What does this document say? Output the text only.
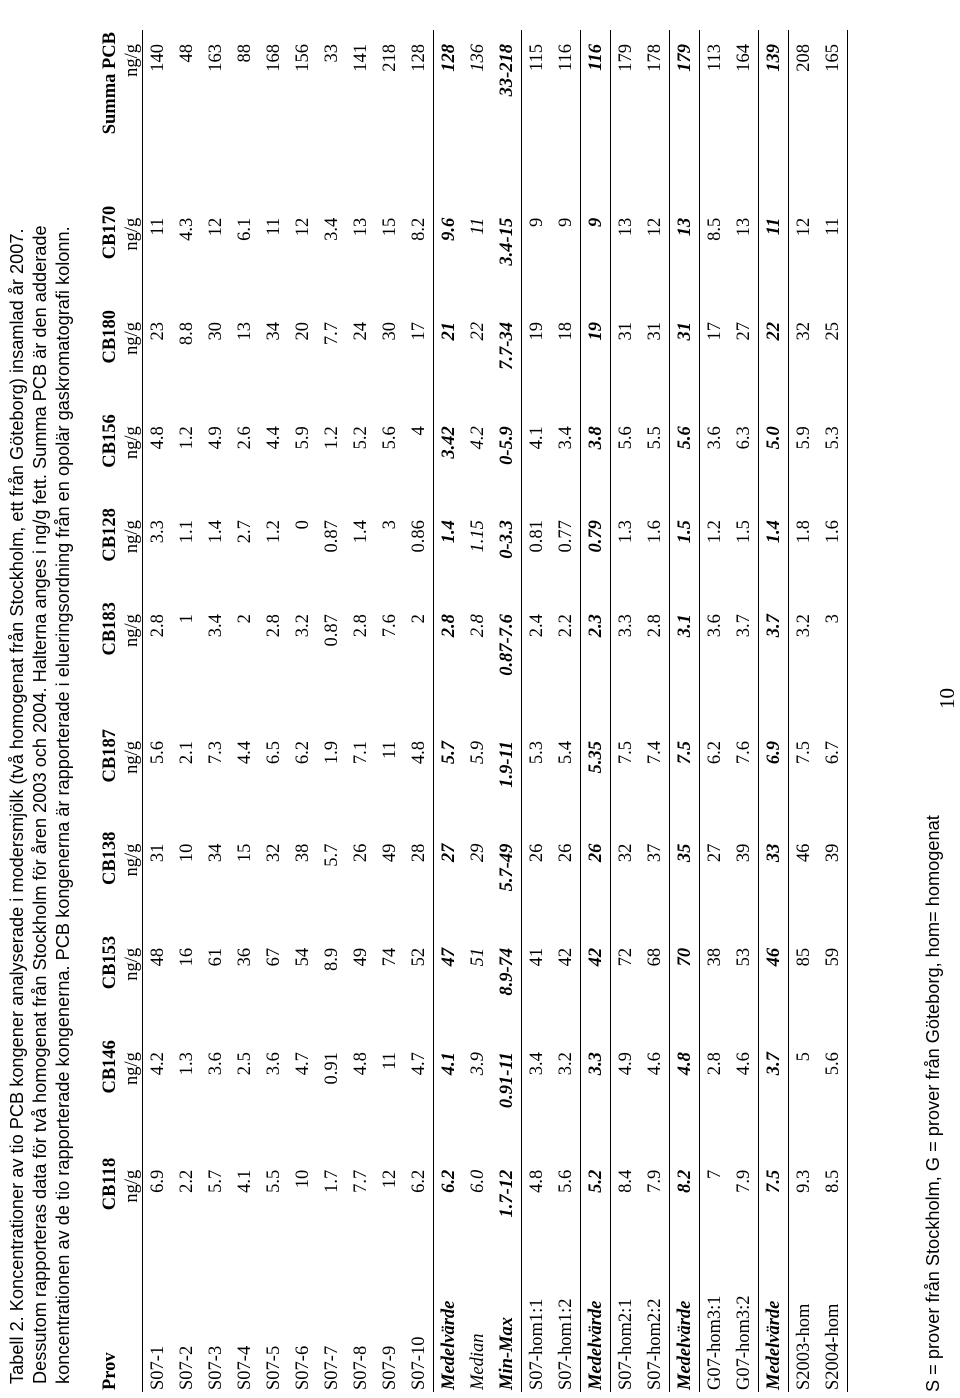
Tabell 2. Koncentrationer av tio PCB kongener analyserade i modersmjölk (två homogenat från Stockholm, ett från Göteborg) insamlad år 2007. Dessutom rapporteras data för två homogenat från Stockholm för åren 2003 och 2004. Halterna anges i ng/g fett. Summa PCB är den adderade koncentrationen av de tio rapporterade kongenerna. PCB kongenerna är rapporterade i elueringsordning från en opolär gaskromatografi kolonn. Prov	CB118	CB146	CB153	CB138	CB187	CB183	CB128	CB156	CB180	CB170	Summa PCB
	ng/g	ng/g	ng/g	ng/g	ng/g	ng/g	ng/g	ng/g	ng/g	ng/g	ng/g
S07-1	6.9	4.2	48	31	5.6	2.8	3.3	4.8	23	11	140
S07-2	2.2	1.3	16	10	2.1	1	1.1	1.2	8.8	4.3	48
S07-3	5.7	3.6	61	34	7.3	3.4	1.4	4.9	30	12	163
S07-4	4.1	2.5	36	15	4.4	2	2.7	2.6	13	6.1	88
S07-5	5.5	3.6	67	32	6.5	2.8	1.2	4.4	34	11	168
S07-6	10	4.7	54	38	6.2	3.2	0	5.9	20	12	156
S07-7	1.7	0.91	8.9	5.7	1.9	0.87	0.87	1.2	7.7	3.4	33
S07-8	7.7	4.8	49	26	7.1	2.8	1.4	5.2	24	13	141
S07-9	12	11	74	49	11	7.6	3	5.6	30	15	218
S07-10	6.2	4.7	52	28	4.8	2	0.86	4	17	8.2	128
Medelvärde	6.2	4.1	47	27	5.7	2.8	1.4	3.42	21	9.6	128
Median	6.0	3.9	51	29	5.9	2.8	1.15	4.2	22	11	136
Min-Max	1.7-12	0.91-11	8.9-74	5.7-49	1.9-11	0.87-7.6	0-3.3	0-5.9	7.7-34	3.4-15	33-218
S07-hom1:1	4.8	3.4	41	26	5.3	2.4	0.81	4.1	19	9	115
S07-hom1:2	5.6	3.2	42	26	5.4	2.2	0.77	3.4	18	9	116
Medelvärde	5.2	3.3	42	26	5.35	2.3	0.79	3.8	19	9	116
S07-hom2:1	8.4	4.9	72	32	7.5	3.3	1.3	5.6	31	13	179
S07-hom2:2	7.9	4.6	68	37	7.4	2.8	1.6	5.5	31	12	178
Medelvärde	8.2	4.8	70	35	7.5	3.1	1.5	5.6	31	13	179
G07-hom3:1	7	2.8	38	27	6.2	3.6	1.2	3.6	17	8.5	113
G07-hom3:2	7.9	4.6	53	39	7.6	3.7	1.5	6.3	27	13	164
Medelvärde	7.5	3.7	46	33	6.9	3.7	1.4	5.0	22	11	139
S2003-hom	9.3	5	85	46	7.5	3.2	1.8	5.9	32	12	208
S2004-hom	8.5	5.6	59	39	6.7	3	1.6	5.3	25	11	165
S = prover från Stockholm, G = prover från Göteborg, hom= homogenat
10
